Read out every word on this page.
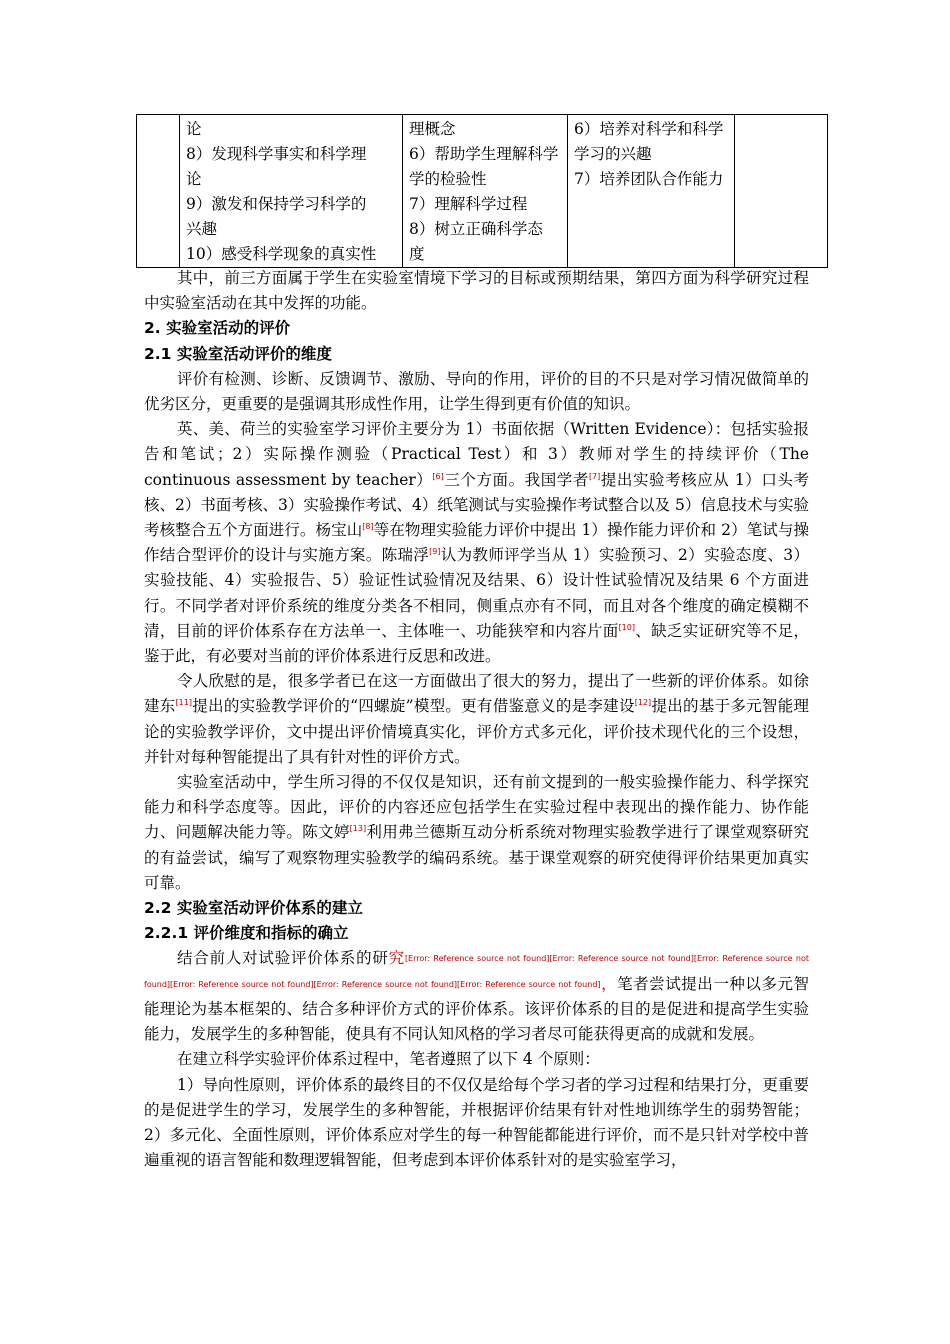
论
8）发现科学事实和科学理
论
9）激发和保持学习科学的
兴趣
10）感受科学现象的真实性

理概念
6）帮助学生理解科学
学的检验性
7）理解科学过程
8）树立正确科学态
度

6）培养对科学和科学
学习的兴趣
7）培养团队合作能力

其中，前三方面属于学生在实验室情境下学习的目标或预期结果，第四方面为科学研究过程中实验室活动在其中发挥的功能。

2. 实验室活动的评价
2.1 实验室活动评价的维度

评价有检测、诊断、反馈调节、激励、导向的作用，评价的目的不只是对学习情况做简单的优劣区分，更重要的是强调其形成性作用，让学生得到更有价值的知识。

英、美、荷兰的实验室学习评价主要分为 1）书面依据（Written Evidence）：包括实验报告和笔试；2）实际操作测验（Practical Test）和 3）教师对学生的持续评价（The continuous assessment by teacher）[6]三个方面。我国学者[7]提出实验考核应从 1）口头考核、2）书面考核、3）实验操作考试、4）纸笔测试与实验操作考试整合以及 5）信息技术与实验考核整合五个方面进行。杨宝山[8]等在物理实验能力评价中提出 1）操作能力评价和 2）笔试与操作结合型评价的设计与实施方案。陈瑞浮[9]认为教师评学当从 1）实验预习、2）实验态度、3）实验技能、4）实验报告、5）验证性试验情况及结果、6）设计性试验情况及结果 6 个方面进行。不同学者对评价系统的维度分类各不相同，侧重点亦有不同，而且对各个维度的确定模糊不清，目前的评价体系存在方法单一、主体唯一、功能狭窄和内容片面[10]、缺乏实证研究等不足，鉴于此，有必要对当前的评价体系进行反思和改进。

令人欣慰的是，很多学者已在这一方面做出了很大的努力，提出了一些新的评价体系。如徐建东[11]提出的实验教学评价的“四螺旋”模型。更有借鉴意义的是李建设[12]提出的基于多元智能理论的实验教学评价，文中提出评价情境真实化，评价方式多元化，评价技术现代化的三个设想，并针对每种智能提出了具有针对性的评价方式。

实验室活动中，学生所习得的不仅仅是知识，还有前文提到的一般实验操作能力、科学探究能力和科学态度等。因此，评价的内容还应包括学生在实验过程中表现出的操作能力、协作能力、问题解决能力等。陈文婷[13]利用弗兰德斯互动分析系统对物理实验教学进行了课堂观察研究的有益尝试，编写了观察物理实验教学的编码系统。基于课堂观察的研究使得评价结果更加真实可靠。

2.2 实验室活动评价体系的建立
2.2.1 评价维度和指标的确立

结合前人对试验评价体系的研究[Error: Reference source not found][Error: Reference source not found][Error: Reference source not found][Error: Reference source not found][Error: Reference source not found][Error: Reference source not found]，笔者尝试提出一种以多元智能理论为基本框架的、结合多种评价方式的评价体系。该评价体系的目的是促进和提高学生实验能力，发展学生的多种智能，使具有不同认知风格的学习者尽可能获得更高的成就和发展。

在建立科学实验评价体系过程中，笔者遵照了以下 4 个原则：

1）导向性原则，评价体系的最终目的不仅仅是给每个学习者的学习过程和结果打分，更重要的是促进学生的学习，发展学生的多种智能，并根据评价结果有针对性地训练学生的弱势智能；2）多元化、全面性原则，评价体系应对学生的每一种智能都能进行评价，而不是只针对学校中普遍重视的语言智能和数理逻辑智能，但考虑到本评价体系针对的是实验室学习，
